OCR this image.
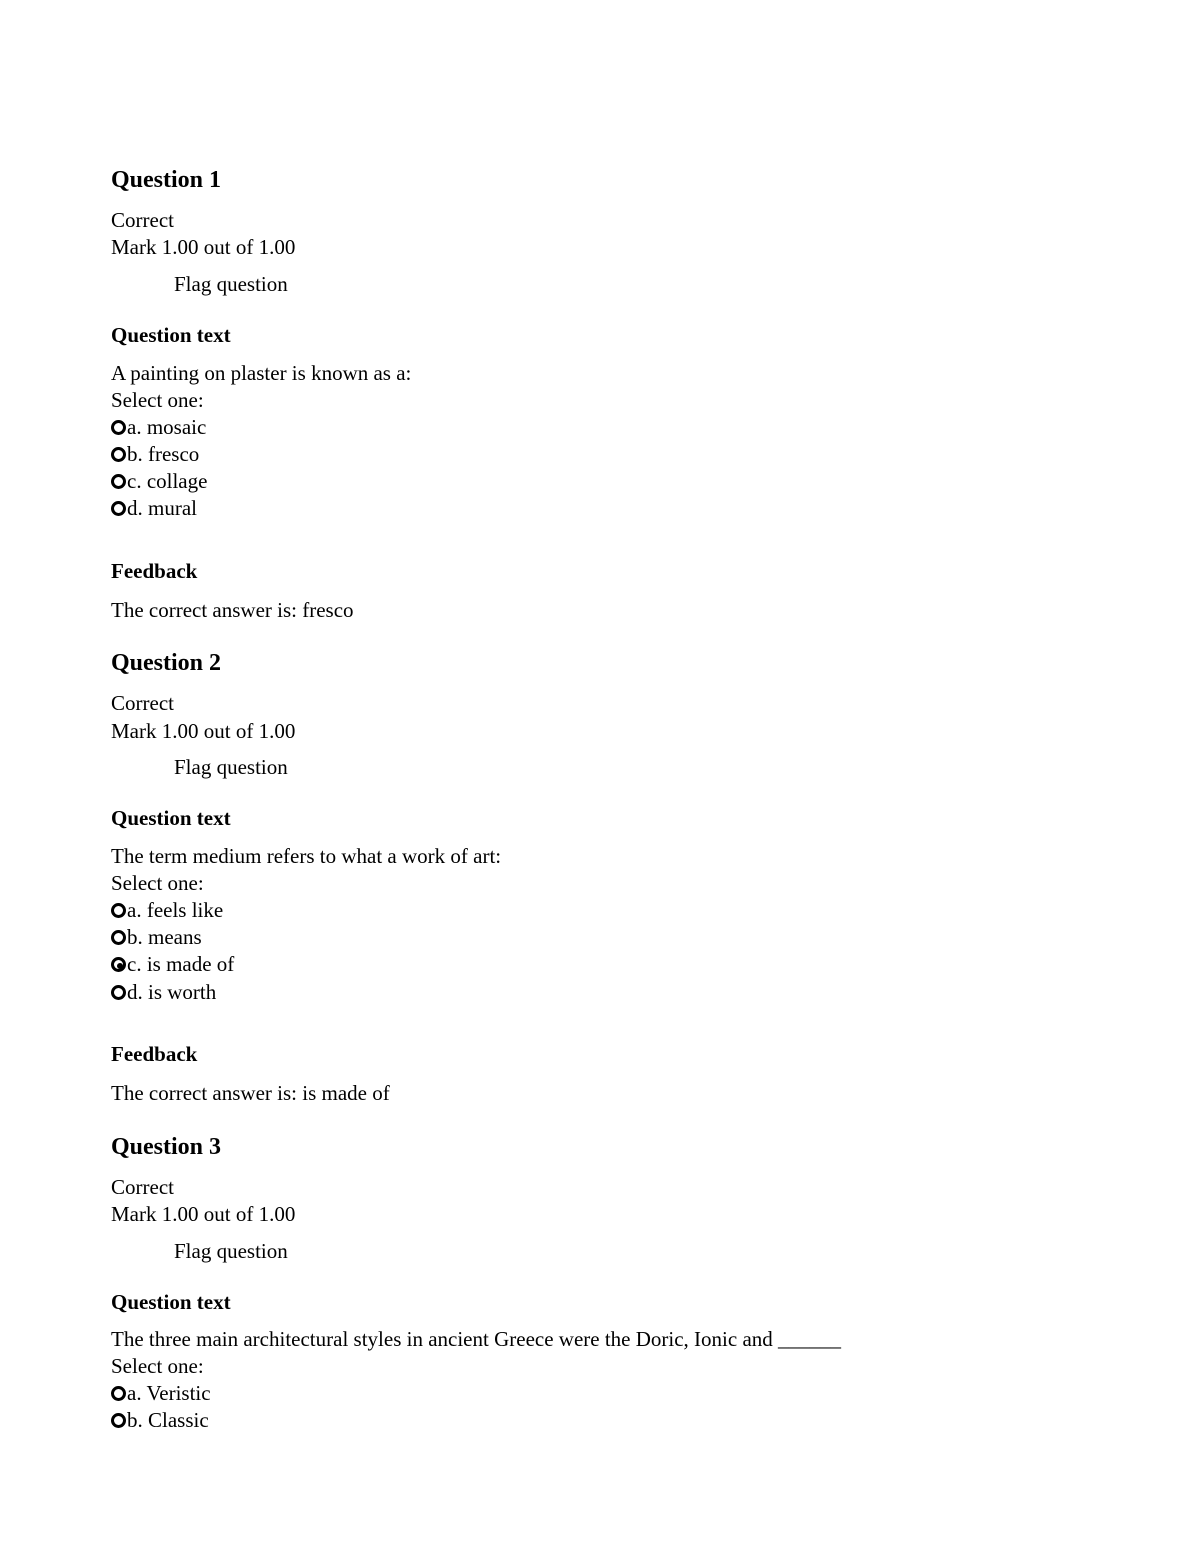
Question 1
Correct
Mark 1.00 out of 1.00
Flag question
Question text
A painting on plaster is known as a:
Select one:
a. mosaic
b. fresco
c. collage
d. mural
Feedback
The correct answer is: fresco
Question 2
Correct
Mark 1.00 out of 1.00
Flag question
Question text
The term medium refers to what a work of art:
Select one:
a. feels like
b. means
c. is made of
d. is worth
Feedback
The correct answer is: is made of
Question 3
Correct
Mark 1.00 out of 1.00
Flag question
Question text
The three main architectural styles in ancient Greece were the Doric, Ionic and ______
Select one:
a. Veristic
b. Classic
